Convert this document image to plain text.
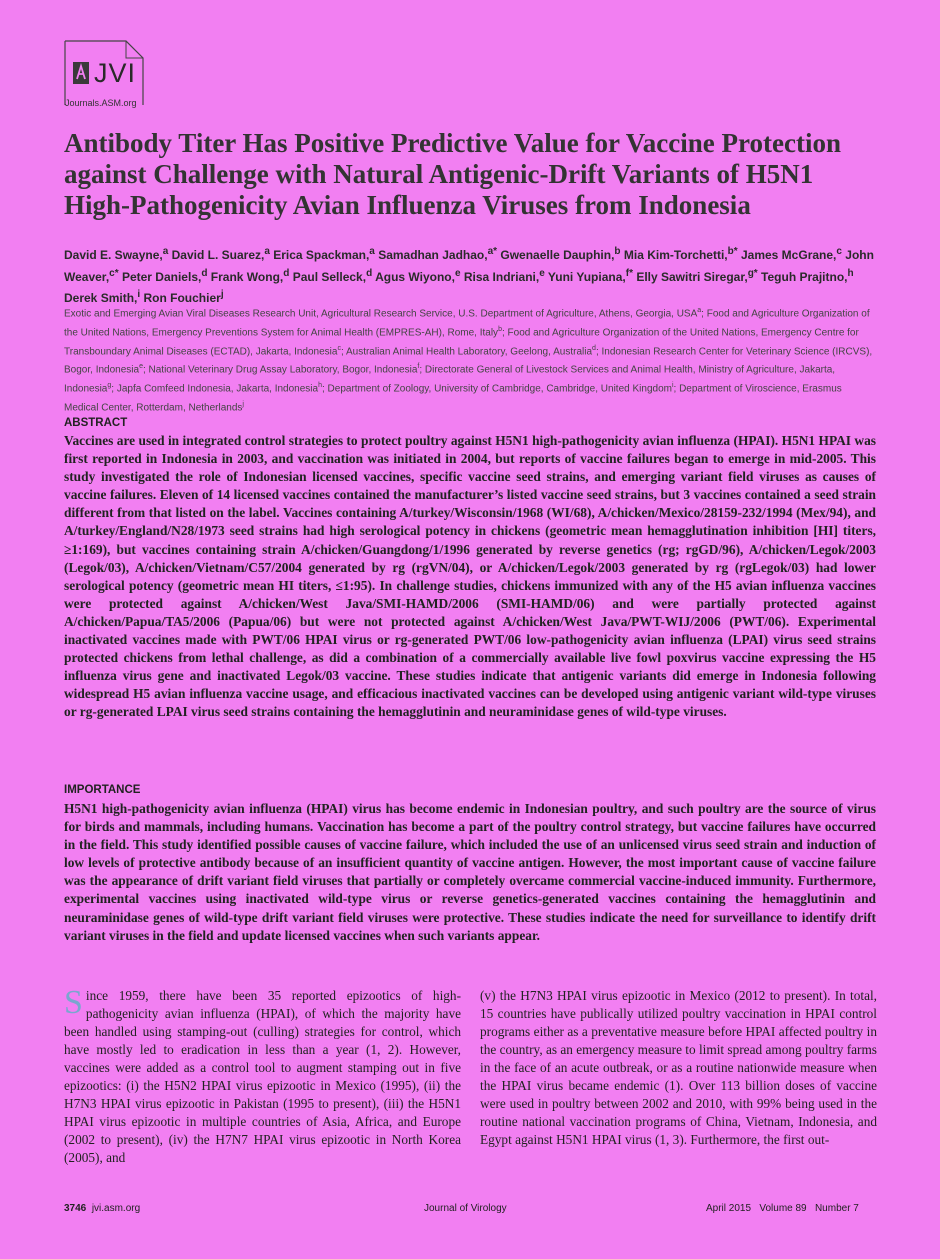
JVI
Journals.ASM.org
Antibody Titer Has Positive Predictive Value for Vaccine Protection against Challenge with Natural Antigenic-Drift Variants of H5N1 High-Pathogenicity Avian Influenza Viruses from Indonesia
David E. Swayne,$^a$ David L. Suarez,$^a$ Erica Spackman,$^a$ Samadhan Jadhao,$^{a*}$ Gwenaelle Dauphin,$^b$ Mia Kim-Torchetti,$^{b*}$ James McGrane,$^c$ John Weaver,$^{c*}$ Peter Daniels,$^d$ Frank Wong,$^d$ Paul Selleck,$^d$ Agus Wiyono,$^e$ Risa Indriani,$^e$ Yuni Yupiana,$^{f*}$ Elly Sawitri Siregar,$^{g*}$ Teguh Prajitno,$^h$ Derek Smith,$^i$ Ron Fouchier$^j$
Exotic and Emerging Avian Viral Diseases Research Unit, Agricultural Research Service, U.S. Department of Agriculture, Athens, Georgia, USA$^a$; Food and Agriculture Organization of the United Nations, Emergency Preventions System for Animal Health (EMPRES-AH), Rome, Italy$^b$; Food and Agriculture Organization of the United Nations, Emergency Centre for Transboundary Animal Diseases (ECTAD), Jakarta, Indonesia$^c$; Australian Animal Health Laboratory, Geelong, Australia$^d$; Indonesian Research Center for Veterinary Science (IRCVS), Bogor, Indonesia$^e$; National Veterinary Drug Assay Laboratory, Bogor, Indonesia$^f$; Directorate General of Livestock Services and Animal Health, Ministry of Agriculture, Jakarta, Indonesia$^g$; Japfa Comfeed Indonesia, Jakarta, Indonesia$^h$; Department of Zoology, University of Cambridge, Cambridge, United Kingdom$^i$; Department of Viroscience, Erasmus Medical Center, Rotterdam, Netherlands$^j$
ABSTRACT
Vaccines are used in integrated control strategies to protect poultry against H5N1 high-pathogenicity avian influenza (HPAI). H5N1 HPAI was first reported in Indonesia in 2003, and vaccination was initiated in 2004, but reports of vaccine failures began to emerge in mid-2005. This study investigated the role of Indonesian licensed vaccines, specific vaccine seed strains, and emerging variant field viruses as causes of vaccine failures. Eleven of 14 licensed vaccines contained the manufacturer’s listed vaccine seed strains, but 3 vaccines contained a seed strain different from that listed on the label. Vaccines containing A/turkey/Wisconsin/1968 (WI/68), A/chicken/Mexico/28159-232/1994 (Mex/94), and A/turkey/England/N28/1973 seed strains had high serological potency in chickens (geometric mean hemagglutination inhibition [HI] titers, ≥1:169), but vaccines containing strain A/chicken/Guangdong/1/1996 generated by reverse genetics (rg; rgGD/96), A/chicken/Legok/2003 (Legok/03), A/chicken/Vietnam/C57/2004 generated by rg (rgVN/04), or A/chicken/Legok/2003 generated by rg (rgLegok/03) had lower serological potency (geometric mean HI titers, ≤1:95). In challenge studies, chickens immunized with any of the H5 avian influenza vaccines were protected against A/chicken/West Java/SMI-HAMD/2006 (SMI-HAMD/06) and were partially protected against A/chicken/Papua/TA5/2006 (Papua/06) but were not protected against A/chicken/West Java/PWT-WIJ/2006 (PWT/06). Experimental inactivated vaccines made with PWT/06 HPAI virus or rg-generated PWT/06 low-pathogenicity avian influenza (LPAI) virus seed strains protected chickens from lethal challenge, as did a combination of a commercially available live fowl poxvirus vaccine expressing the H5 influenza virus gene and inactivated Legok/03 vaccine. These studies indicate that antigenic variants did emerge in Indonesia following widespread H5 avian influenza vaccine usage, and efficacious inactivated vaccines can be developed using antigenic variant wild-type viruses or rg-generated LPAI virus seed strains containing the hemagglutinin and neuraminidase genes of wild-type viruses.
IMPORTANCE
H5N1 high-pathogenicity avian influenza (HPAI) virus has become endemic in Indonesian poultry, and such poultry are the source of virus for birds and mammals, including humans. Vaccination has become a part of the poultry control strategy, but vaccine failures have occurred in the field. This study identified possible causes of vaccine failure, which included the use of an unlicensed virus seed strain and induction of low levels of protective antibody because of an insufficient quantity of vaccine antigen. However, the most important cause of vaccine failure was the appearance of drift variant field viruses that partially or completely overcame commercial vaccine-induced immunity. Furthermore, experimental vaccines using inactivated wild-type virus or reverse genetics-generated vaccines containing the hemagglutinin and neuraminidase genes of wild-type drift variant field viruses were protective. These studies indicate the need for surveillance to identify drift variant viruses in the field and update licensed vaccines when such variants appear.
Since 1959, there have been 35 reported epizootics of high-pathogenicity avian influenza (HPAI), of which the majority have been handled using stamping-out (culling) strategies for control, which have mostly led to eradication in less than a year (1, 2). However, vaccines were added as a control tool to augment stamping out in five epizootics: (i) the H5N2 HPAI virus epizootic in Mexico (1995), (ii) the H7N3 HPAI virus epizootic in Pakistan (1995 to present), (iii) the H5N1 HPAI virus epizootic in multiple countries of Asia, Africa, and Europe (2002 to present), (iv) the H7N7 HPAI virus epizootic in North Korea (2005), and
(v) the H7N3 HPAI virus epizootic in Mexico (2012 to present). In total, 15 countries have publically utilized poultry vaccination in HPAI control programs either as a preventative measure before HPAI affected poultry in the country, as an emergency measure to limit spread among poultry farms in the face of an acute outbreak, or as a routine nationwide measure when the HPAI virus became endemic (1). Over 113 billion doses of vaccine were used in poultry between 2002 and 2010, with 99% being used in the routine national vaccination programs of China, Vietnam, Indonesia, and Egypt against H5N1 HPAI virus (1, 3). Furthermore, the first out-
3746 jvi.asm.org	Journal of Virology	April 2015   Volume 89   Number 7
